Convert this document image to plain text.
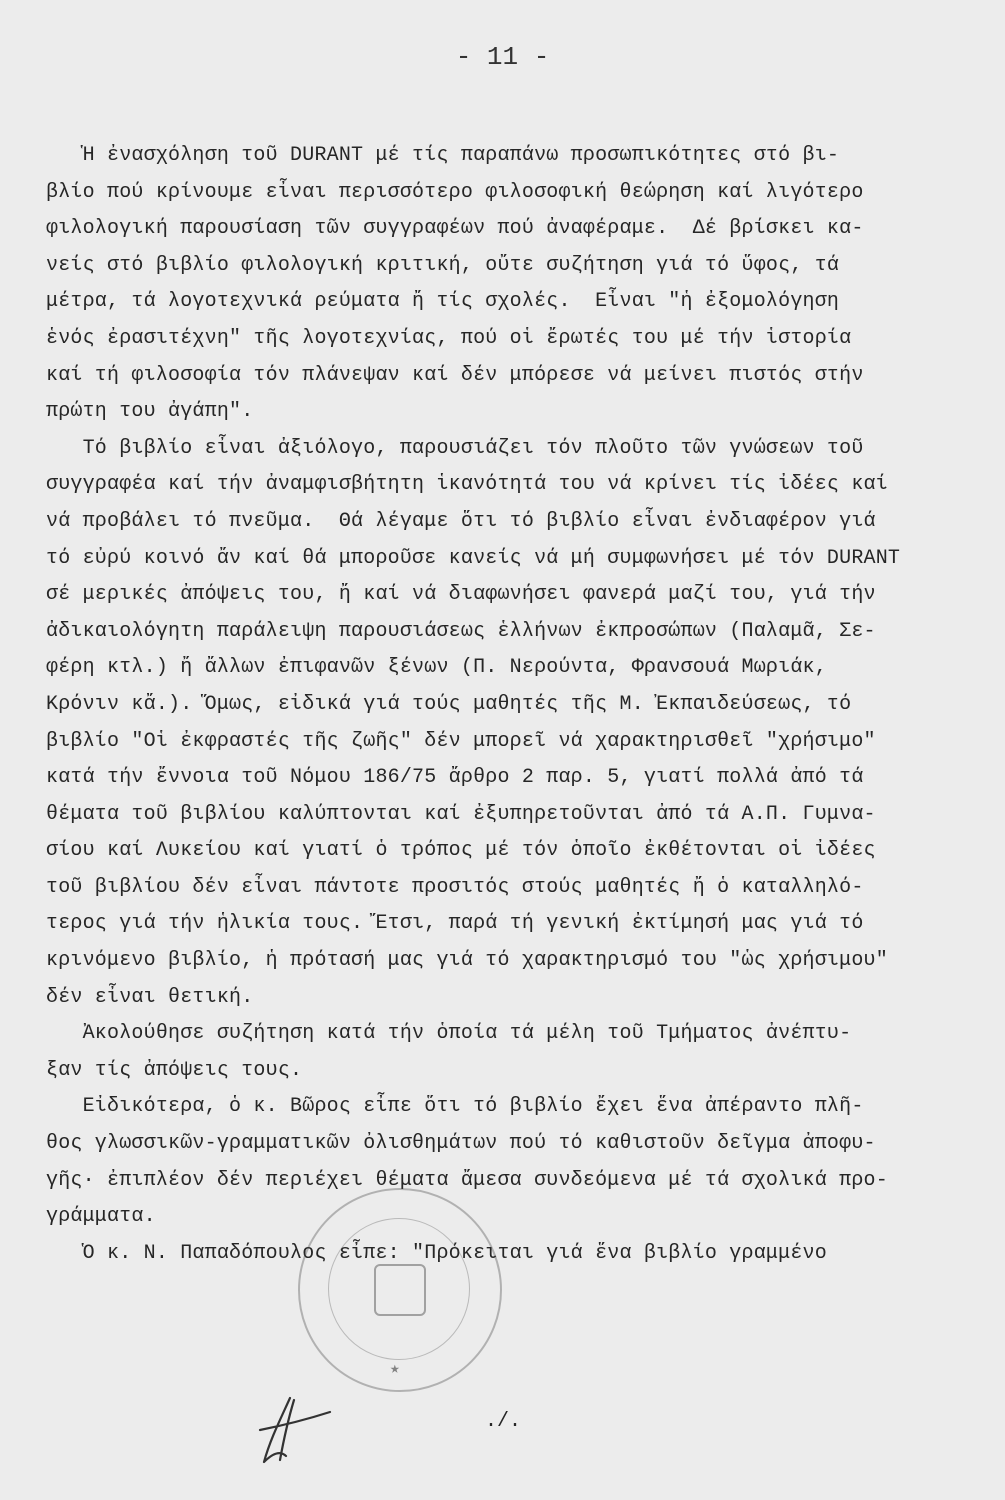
- 11 -
Ἡ ἐνασχόληση τοῦ DURANT μέ τίς παραπάνω προσωπικότητες στό βι-
βλίο πού κρίνουμε εἶναι περισσότερο φιλοσοφική θεώρηση καί λιγότερο
φιλολογική παρουσίαση τῶν συγγραφέων πού ἀναφέραμε.  Δέ βρίσκει κα-
νείς στό βιβλίο φιλολογική κριτική, οὔτε συζήτηση γιά τό ὕφος, τά
μέτρα, τά λογοτεχνικά ρεύματα ἤ τίς σχολές.  Εἶναι "ἡ ἐξομολόγηση
ἑνός ἐρασιτέχνη" τῆς λογοτεχνίας, πού οἱ ἔρωτές του μέ τήν ἱστορία
καί τή φιλοσοφία τόν πλάνεψαν καί δέν μπόρεσε νά μείνει πιστός στήν
πρώτη του ἀγάπη".
Τό βιβλίο εἶναι ἀξιόλογο, παρουσιάζει τόν πλοῦτο τῶν γνώσεων τοῦ
συγγραφέα καί τήν ἀναμφισβήτητη ἱκανότητά του νά κρίνει τίς ἰδέες καί
νά προβάλει τό πνεῦμα.  Θά λέγαμε ὅτι τό βιβλίο εἶναι ἐνδιαφέρον γιά
τό εὐρύ κοινό ἄν καί θά μποροῦσε κανείς νά μή συμφωνήσει μέ τόν DURANT
σέ μερικές ἀπόψεις του, ἤ καί νά διαφωνήσει φανερά μαζί του, γιά τήν
ἀδικαιολόγητη παράλειψη παρουσιάσεως ἑλλήνων ἐκπροσώπων (Παλαμᾶ, Σε-
φέρη κτλ.) ἤ ἄλλων ἐπιφανῶν ξένων (Π. Νερούντα, Φρανσουά Μωριάκ,
Κρόνιν κἄ.). Ὅμως, εἰδικά γιά τούς μαθητές τῆς Μ. Ἐκπαιδεύσεως, τό
βιβλίο "Οἱ ἐκφραστές τῆς ζωῆς" δέν μπορεῖ νά χαρακτηρισθεῖ "χρήσιμο"
κατά τήν ἔννοια τοῦ Νόμου 186/75 ἄρθρο 2 παρ. 5, γιατί πολλά ἀπό τά
θέματα τοῦ βιβλίου καλύπτονται καί ἐξυπηρετοῦνται ἀπό τά Α.Π. Γυμνα-
σίου καί Λυκείου καί γιατί ὁ τρόπος μέ τόν ὁποῖο ἐκθέτονται οἱ ἰδέες
τοῦ βιβλίου δέν εἶναι πάντοτε προσιτός στούς μαθητές ἤ ὁ καταλληλό-
τερος γιά τήν ἡλικία τους. Ἔτσι, παρά τή γενική ἐκτίμησή μας γιά τό
κρινόμενο βιβλίο, ἡ πρότασή μας γιά τό χαρακτηρισμό του "ὡς χρήσιμου"
δέν εἶναι θετική.
Ἀκολούθησε συζήτηση κατά τήν ὁποία τά μέλη τοῦ Τμήματος ἀνέπτυ-
ξαν τίς ἀπόψεις τους.
Εἰδικότερα, ὁ κ. Βῶρος εἶπε ὅτι τό βιβλίο ἔχει ἕνα ἀπέραντο πλῆ-
θος γλωσσικῶν-γραμματικῶν ὀλισθημάτων πού τό καθιστοῦν δεῖγμα ἀποφυ-
γῆς· ἐπιπλέον δέν περιέχει θέματα ἄμεσα συνδεόμενα μέ τά σχολικά προ-
γράμματα.
Ὁ κ. Ν. Παπαδόπουλος εἶπε: "Πρόκειται γιά ἕνα βιβλίο γραμμένο
★
./.
